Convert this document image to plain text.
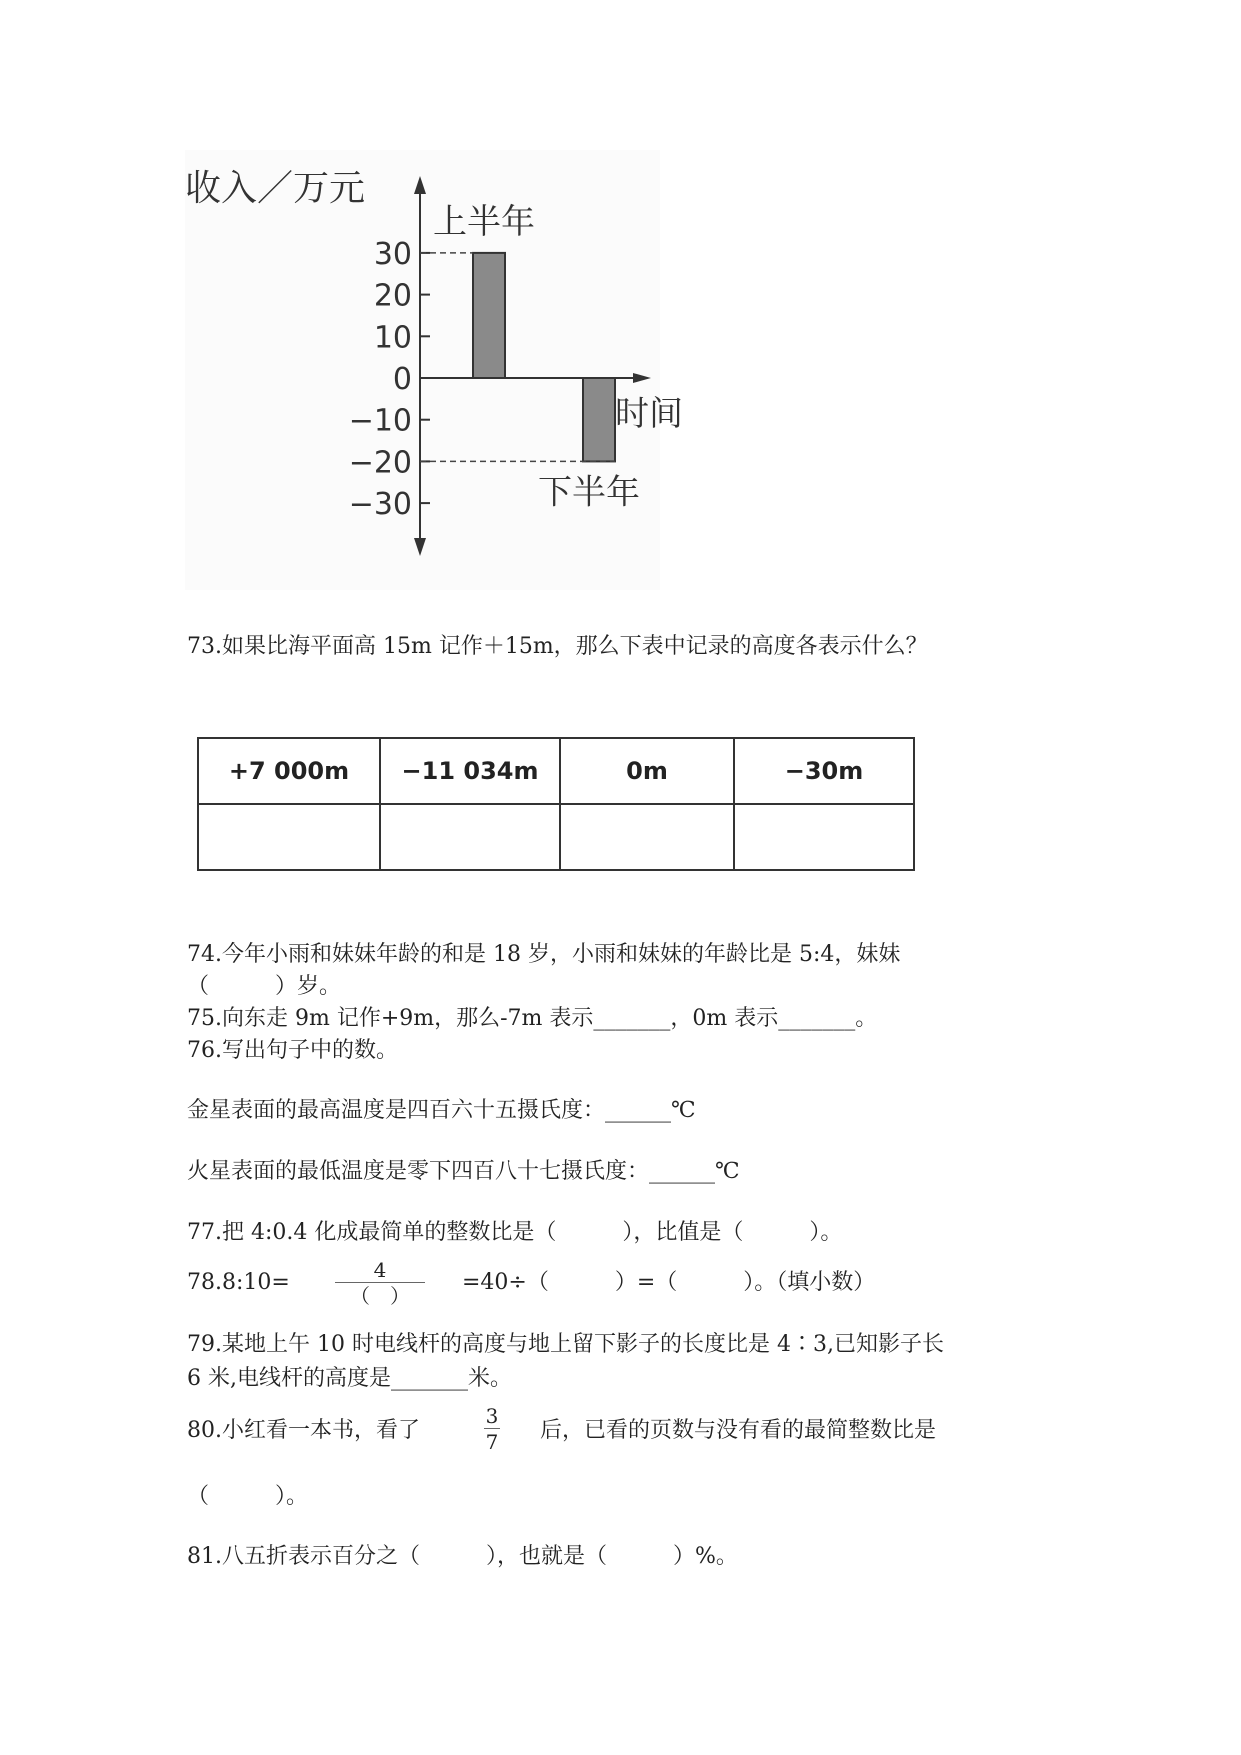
30
20
10
0
−10
−20
−30
收入／万元
时间
上半年
下半年
73.如果比海平面高 15m 记作＋15m，那么下表中记录的高度各表示什么？
+7 000m	−11 034m	0m	−30m

74.今年小雨和妹妹年龄的和是 18 岁，小雨和妹妹的年龄比是 5:4，妹妹
（　　　）岁。
75.向东走 9m 记作+9m，那么-7m 表示_______，0m 表示_______。
76.写出句子中的数。
金星表面的最高温度是四百六十五摄氏度：______℃
火星表面的最低温度是零下四百八十七摄氏度：______℃
77.把 4:0.4 化成最简单的整数比是（　　　），比值是（　　　）。
78.8:10=	4
（　）
=40÷（　　　）=（　　　）。（填小数）
79.某地上午 10 时电线杆的高度与地上留下影子的长度比是 4∶3,已知影子长
6 米,电线杆的高度是_______米。
80.小红看一本书，看了
3
7	后，已看的页数与没有看的最简整数比是
（　　　）。
81.八五折表示百分之（　　　），也就是（　　　）%。
